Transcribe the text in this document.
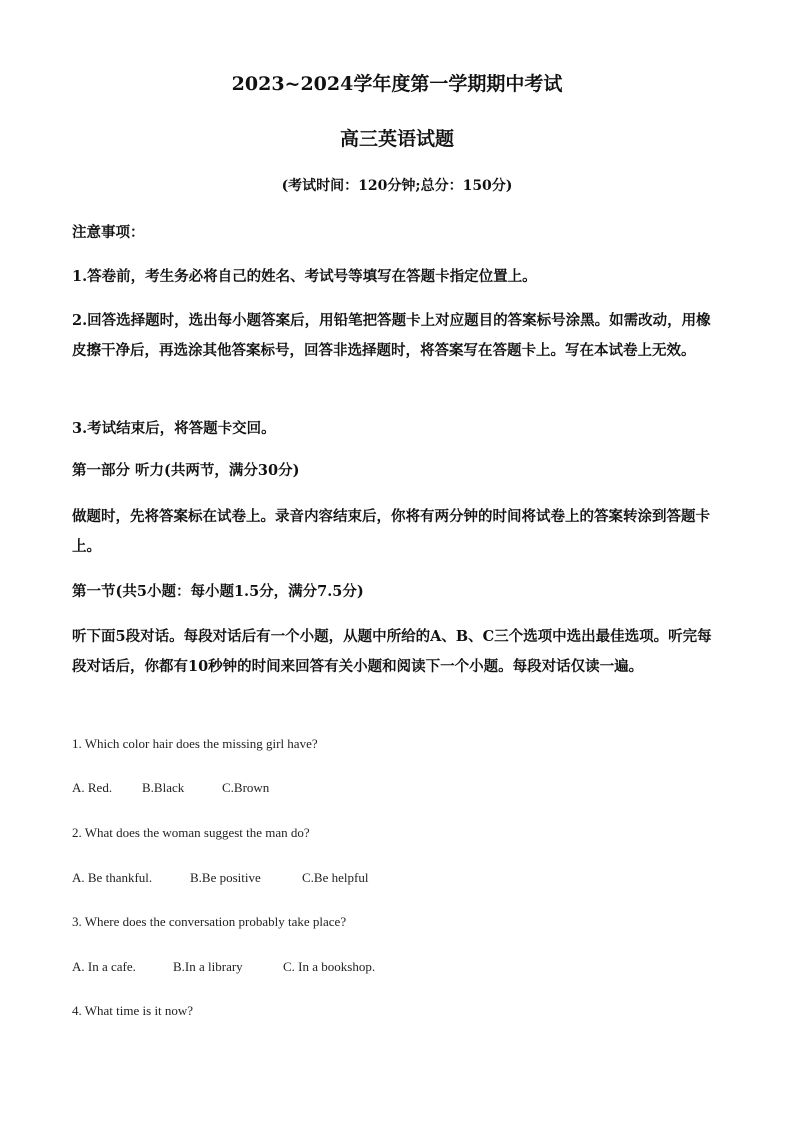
2023~2024学年度第一学期期中考试
高三英语试题
(考试时间：120分钟;总分：150分)
注意事项：
1.答卷前，考生务必将自己的姓名、考试号等填写在答题卡指定位置上。
2.回答选择题时，选出每小题答案后，用铅笔把答题卡上对应题目的答案标号涂黑。如需改动，用橡皮擦干净后，再选涂其他答案标号，回答非选择题时，将答案写在答题卡上。写在本试卷上无效。
3.考试结束后，将答题卡交回。
第一部分 听力(共两节，满分30分)
做题时，先将答案标在试卷上。录音内容结束后，你将有两分钟的时间将试卷上的答案转涂到答题卡上。
第一节(共5小题：每小题1.5分，满分7.5分)
听下面5段对话。每段对话后有一个小题，从题中所给的A、B、C三个选项中选出最佳选项。听完每段对话后，你都有10秒钟的时间来回答有关小题和阅读下一个小题。每段对话仅读一遍。
1. Which color hair does the missing girl have?
A. Red. B.Black	C.Brown
2. What does the woman suggest the man do?
A. Be thankful.	B.Be positive	C.Be helpful
3. Where does the conversation probably take place?
A. In a cafe.	B.In a library	C. In a bookshop.
4. What time is it now?
